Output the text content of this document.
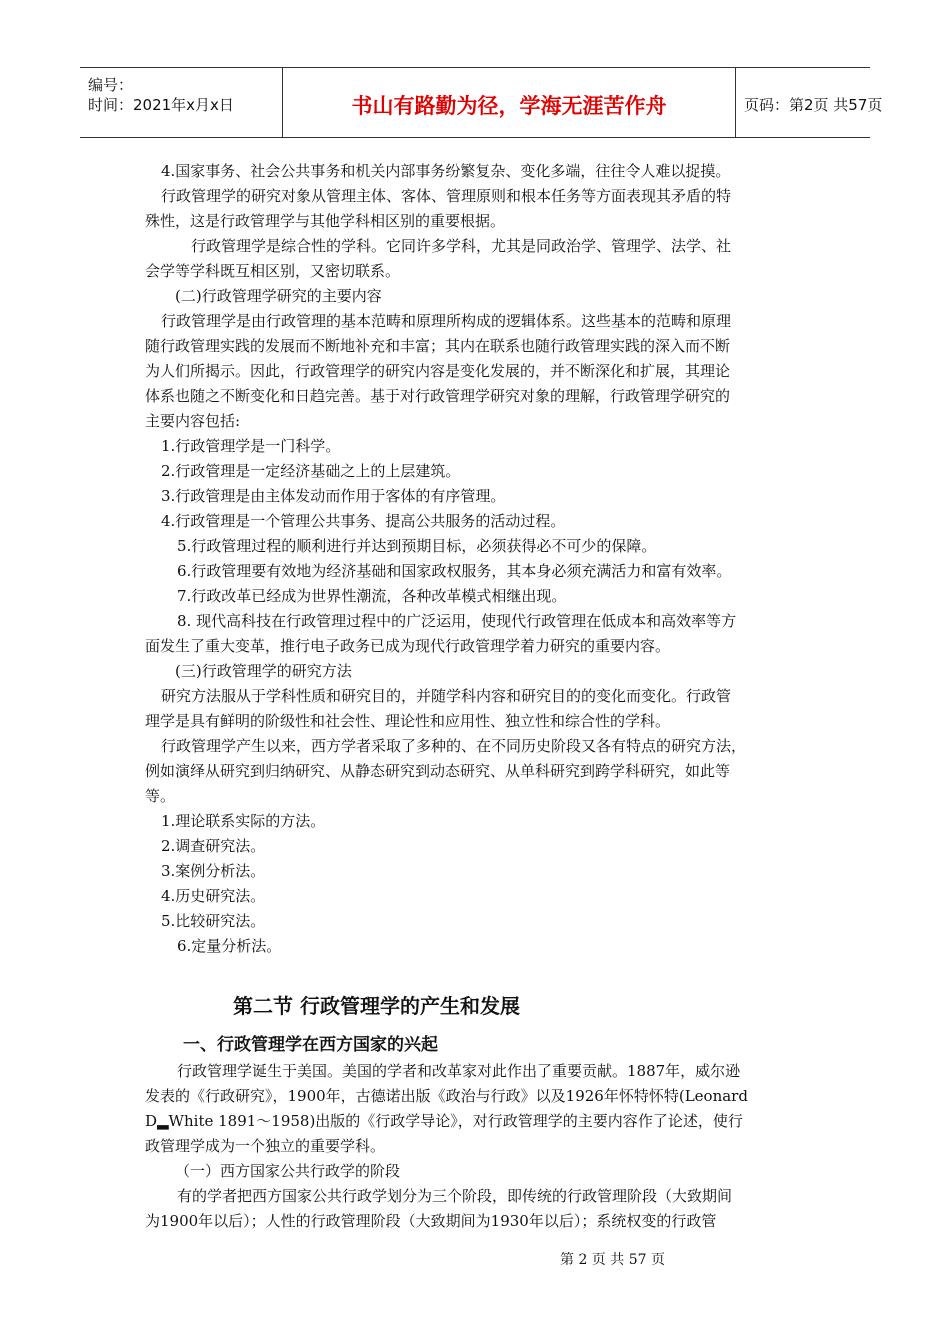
编号：
时间：2021年x月x日	书山有路勤为径，学海无涯苦作舟	页码：第2页 共57页
4.国家事务、社会公共事务和机关内部事务纷繁复杂、变化多端，往往令人难以捉摸。
行政管理学的研究对象从管理主体、客体、管理原则和根本任务等方面表现其矛盾的特
殊性，这是行政管理学与其他学科相区别的重要根据。
行政管理学是综合性的学科。它同许多学科，尤其是同政治学、管理学、法学、社
会学等学科既互相区别，又密切联系。
(二)行政管理学研究的主要内容
行政管理学是由行政管理的基本范畴和原理所构成的逻辑体系。这些基本的范畴和原理
随行政管理实践的发展而不断地补充和丰富；其内在联系也随行政管理实践的深入而不断
为人们所揭示。因此，行政管理学的研究内容是变化发展的，并不断深化和扩展，其理论
体系也随之不断变化和日趋完善。基于对行政管理学研究对象的理解，行政管理学研究的
主要内容包括:
1.行政管理学是一门科学。
2.行政管理是一定经济基础之上的上层建筑。
3.行政管理是由主体发动而作用于客体的有序管理。
4.行政管理是一个管理公共事务、提高公共服务的活动过程。
5.行政管理过程的顺利进行并达到预期目标，必须获得必不可少的保障。
6.行政管理要有效地为经济基础和国家政权服务，其本身必须充满活力和富有效率。
7.行政改革已经成为世界性潮流，各种改革模式相继出现。
8. 现代高科技在行政管理过程中的广泛运用，使现代行政管理在低成本和高效率等方
面发生了重大变革，推行电子政务已成为现代行政管理学着力研究的重要内容。
(三)行政管理学的研究方法
研究方法服从于学科性质和研究目的，并随学科内容和研究目的的变化而变化。行政管
理学是具有鲜明的阶级性和社会性、理论性和应用性、独立性和综合性的学科。
行政管理学产生以来，西方学者采取了多种的、在不同历史阶段又各有特点的研究方法，
例如演绎从研究到归纳研究、从静态研究到动态研究、从单科研究到跨学科研究，如此等
等。
1.理论联系实际的方法。
2.调查研究法。
3.案例分析法。
4.历史研究法。
5.比较研究法。
6.定量分析法。
第二节 行政管理学的产生和发展
一、行政管理学在西方国家的兴起
行政管理学诞生于美国。美国的学者和改革家对此作出了重要贡献。1887年，威尔逊
发表的《行政研究》，1900年，古德诺出版《政治与行政》以及1926年怀特怀特(Leonard
D▂White 1891～1958)出版的《行政学导论》，对行政管理学的主要内容作了论述，使行
政管理学成为一个独立的重要学科。
（一）西方国家公共行政学的阶段
有的学者把西方国家公共行政学划分为三个阶段，即传统的行政管理阶段（大致期间
为1900年以后）；人性的行政管理阶段（大致期间为1930年以后）；系统权变的行政管
第 2 页 共 57 页
